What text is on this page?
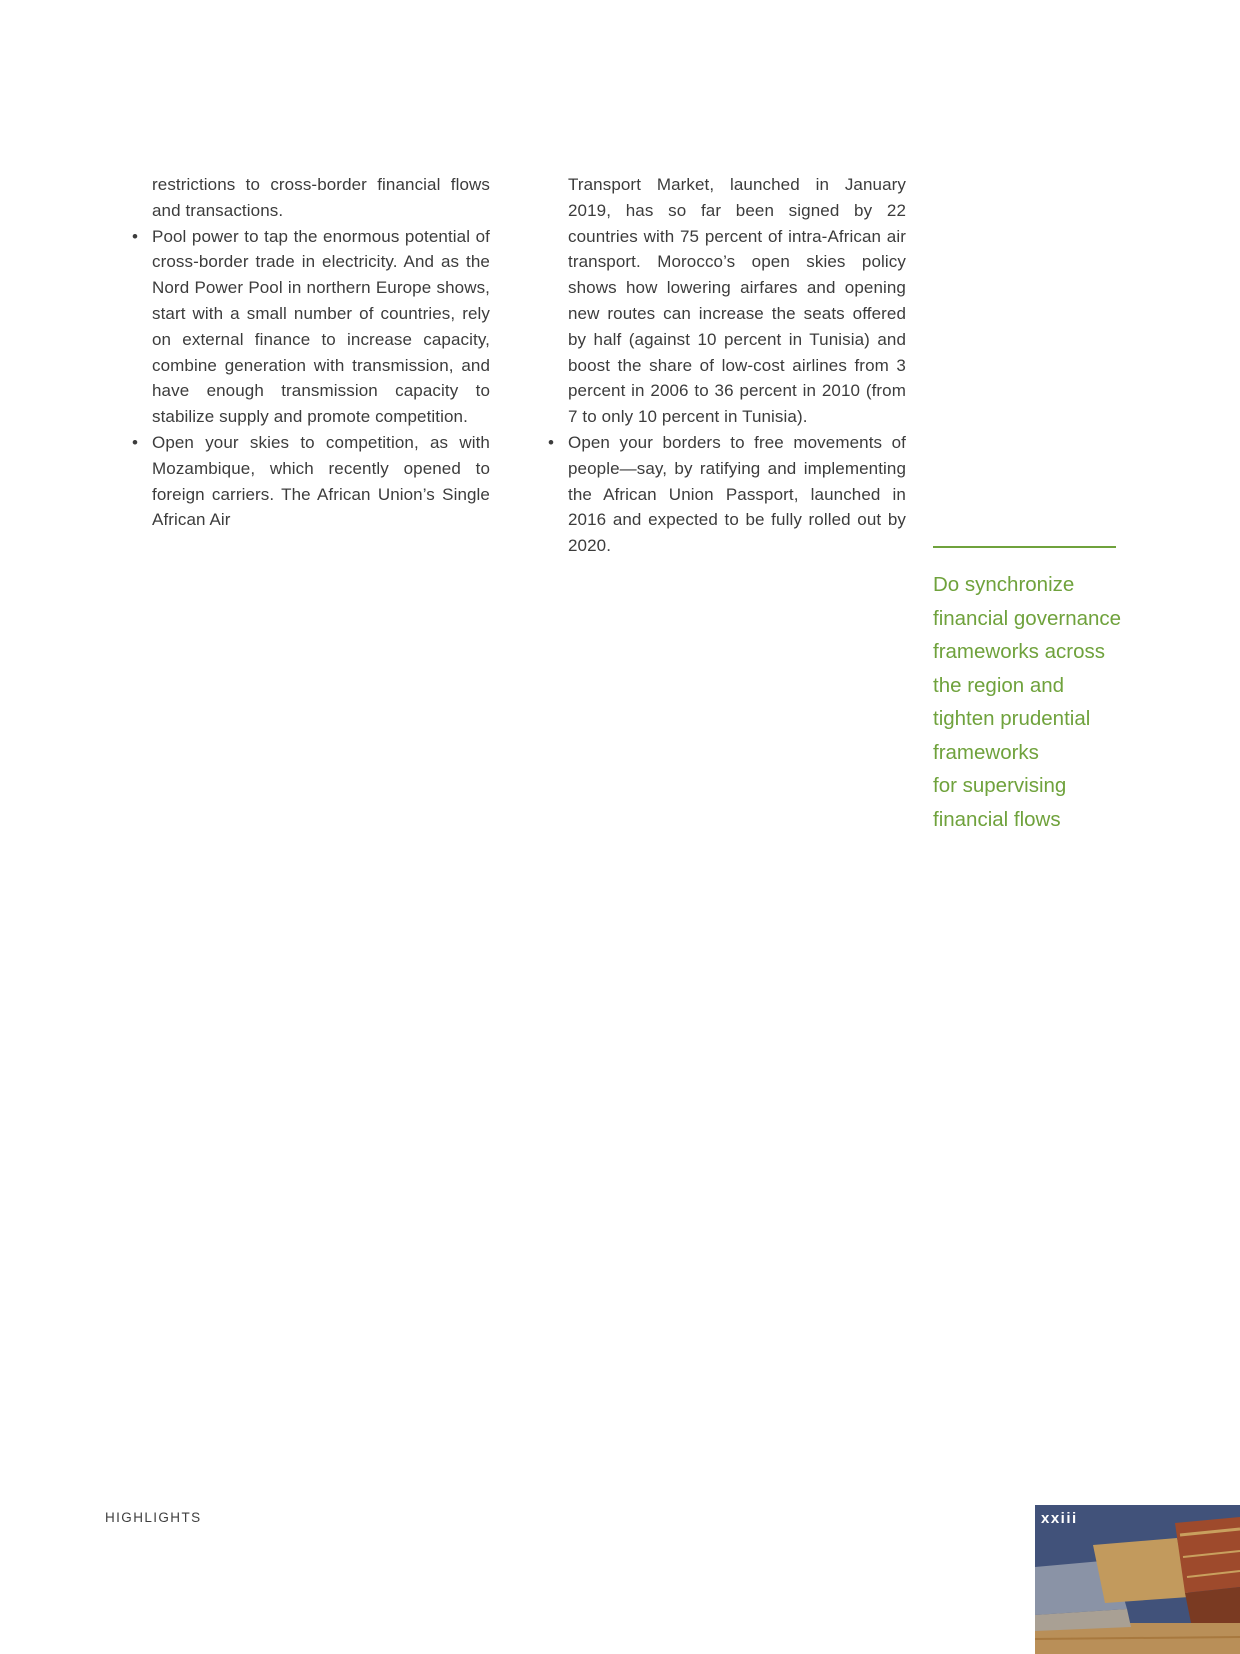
restrictions to cross-border financial flows and transactions.

• Pool power to tap the enormous potential of cross-border trade in electricity. And as the Nord Power Pool in northern Europe shows, start with a small number of countries, rely on external finance to increase capacity, combine generation with transmission, and have enough transmission capacity to stabilize supply and promote competition.
• Open your skies to competition, as with Mozambique, which recently opened to foreign carriers. The African Union’s Single African Air

Transport Market, launched in January 2019, has so far been signed by 22 countries with 75 percent of intra-African air transport. Morocco’s open skies policy shows how lowering airfares and opening new routes can increase the seats offered by half (against 10 percent in Tunisia) and boost the share of low-cost airlines from 3 percent in 2006 to 36 percent in 2010 (from 7 to only 10 percent in Tunisia).

• Open your borders to free movements of people—say, by ratifying and implementing the African Union Passport, launched in 2016 and expected to be fully rolled out by 2020.
Do synchronize
financial governance
frameworks across
the region and
tighten prudential
frameworks
for supervising
financial flows
HIGHLIGHTS	xxiii
